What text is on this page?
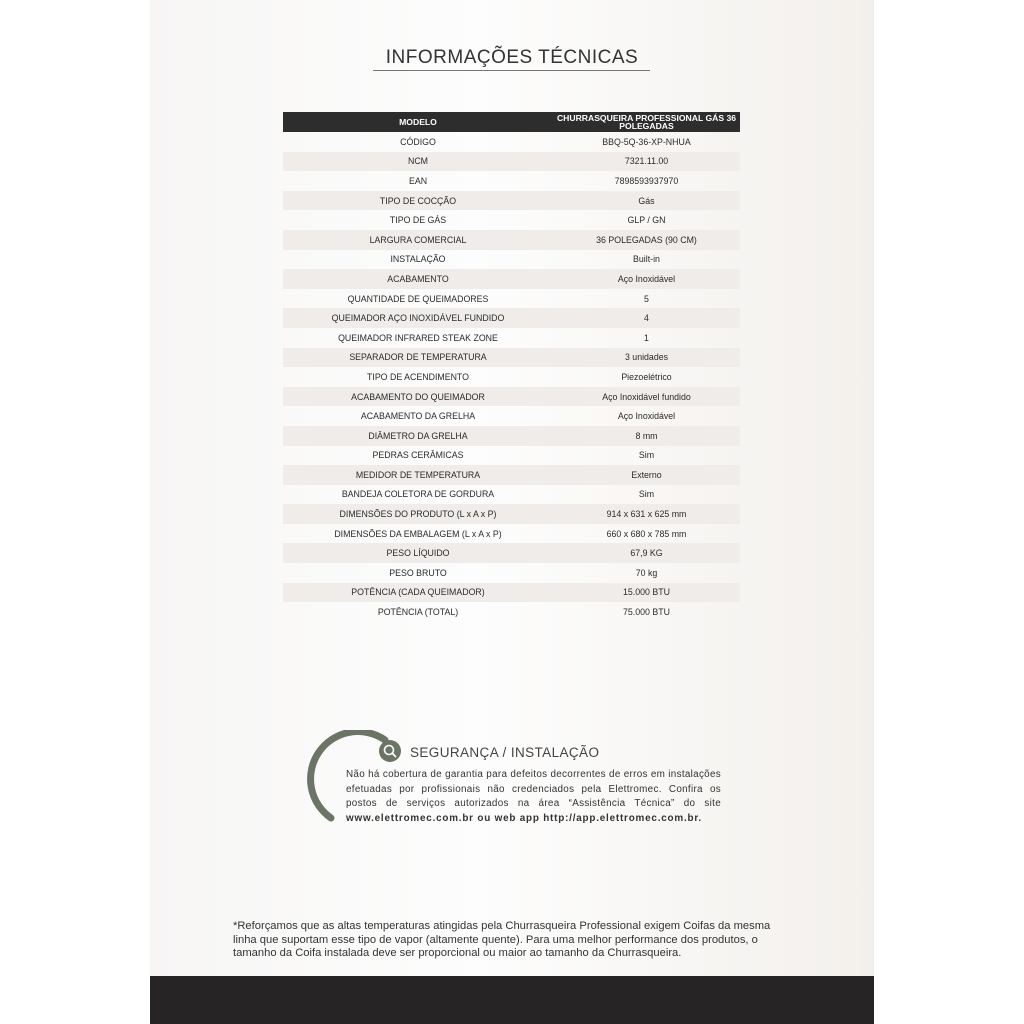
INFORMAÇÕES TÉCNICAS
MODELO	CHURRASQUEIRA PROFESSIONAL GÁS 36 POLEGADAS
CÓDIGO	BBQ-5Q-36-XP-NHUA
NCM	7321.11.00
EAN	7898593937970
TIPO DE COCÇÃO	Gás
TIPO DE GÁS	GLP / GN
LARGURA COMERCIAL	36 POLEGADAS (90 CM)
INSTALAÇÃO	Built-in
ACABAMENTO	Aço Inoxidável
QUANTIDADE DE QUEIMADORES	5
QUEIMADOR AÇO INOXIDÁVEL FUNDIDO	4
QUEIMADOR INFRARED STEAK ZONE	1
SEPARADOR DE TEMPERATURA	3 unidades
TIPO DE ACENDIMENTO	Piezoelétrico
ACABAMENTO DO QUEIMADOR	Aço Inoxidável fundido
ACABAMENTO DA GRELHA	Aço Inoxidável
DIÂMETRO DA GRELHA	8 mm
PEDRAS CERÂMICAS	Sim
MEDIDOR DE TEMPERATURA	Externo
BANDEJA COLETORA DE GORDURA	Sim
DIMENSÕES DO PRODUTO (L x A x P)	914 x 631 x 625 mm
DIMENSÕES DA EMBALAGEM (L x A x P)	660 x 680 x 785 mm
PESO LÍQUIDO	67,9 KG
PESO BRUTO	70 kg
POTÊNCIA (CADA QUEIMADOR)	15.000 BTU
POTÊNCIA (TOTAL)	75.000 BTU
SEGURANÇA / INSTALAÇÃO

Não há cobertura de garantia para defeitos decorrentes de erros em instalações efetuadas por profissionais não credenciados pela Elettromec. Confira os postos de serviços autorizados na área “Assistência Técnica” do site www.elettromec.com.br ou web app http://app.elettromec.com.br.

*Reforçamos que as altas temperaturas atingidas pela Churrasqueira Professional exigem Coifas da mesma linha que suportam esse tipo de vapor (altamente quente). Para uma melhor performance dos produtos, o tamanho da Coifa instalada deve ser proporcional ou maior ao tamanho da Churrasqueira.
